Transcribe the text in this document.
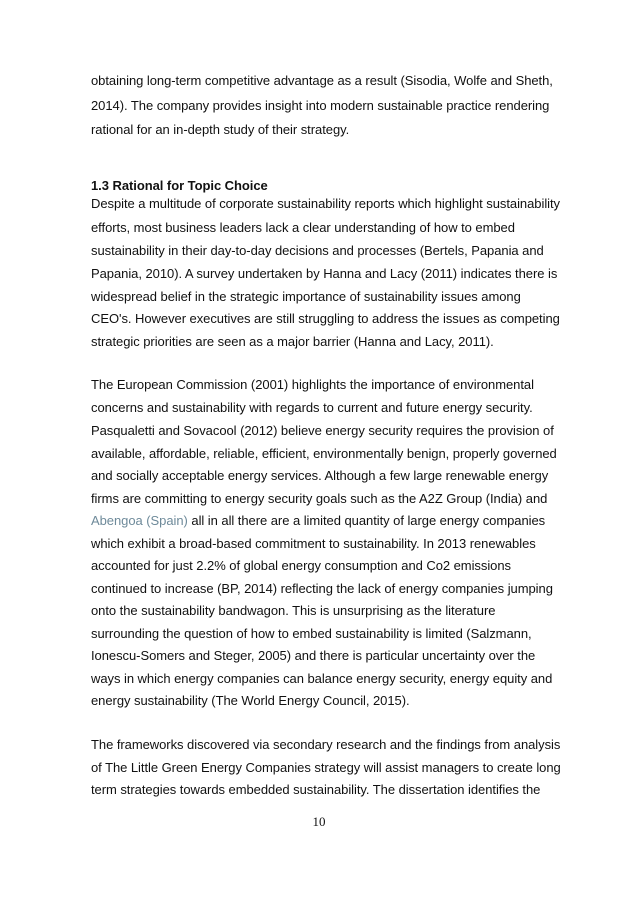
obtaining long-term competitive advantage as a result (Sisodia, Wolfe and Sheth,
2014). The company provides insight into modern sustainable practice rendering
rational for an in-depth study of their strategy.
1.3 Rational for Topic Choice
Despite a multitude of corporate sustainability reports which highlight sustainability
efforts, most business leaders lack a clear understanding of how to embed
sustainability in their day-to-day decisions and processes (Bertels, Papania and
Papania, 2010). A survey undertaken by Hanna and Lacy (2011) indicates there is
widespread belief in the strategic importance of sustainability issues among
CEO's. However executives are still struggling to address the issues as competing
strategic priorities are seen as a major barrier (Hanna and Lacy, 2011).
The European Commission (2001) highlights the importance of environmental
concerns and sustainability with regards to current and future energy security.
Pasqualetti and Sovacool (2012) believe energy security requires the provision of
available, affordable, reliable, efficient, environmentally benign, properly governed
and socially acceptable energy services. Although a few large renewable energy
firms are committing to energy security goals such as the A2Z Group (India) and
Abengoa (Spain) all in all there are a limited quantity of large energy companies
which exhibit a broad-based commitment to sustainability. In 2013 renewables
accounted for just 2.2% of global energy consumption and Co2 emissions
continued to increase (BP, 2014) reflecting the lack of energy companies jumping
onto the sustainability bandwagon. This is unsurprising as the literature
surrounding the question of how to embed sustainability is limited (Salzmann,
Ionescu-Somers and Steger, 2005) and there is particular uncertainty over the
ways in which energy companies can balance energy security, energy equity and
energy sustainability (The World Energy Council, 2015).
The frameworks discovered via secondary research and the findings from analysis
of The Little Green Energy Companies strategy will assist managers to create long
term strategies towards embedded sustainability. The dissertation identifies the
10
